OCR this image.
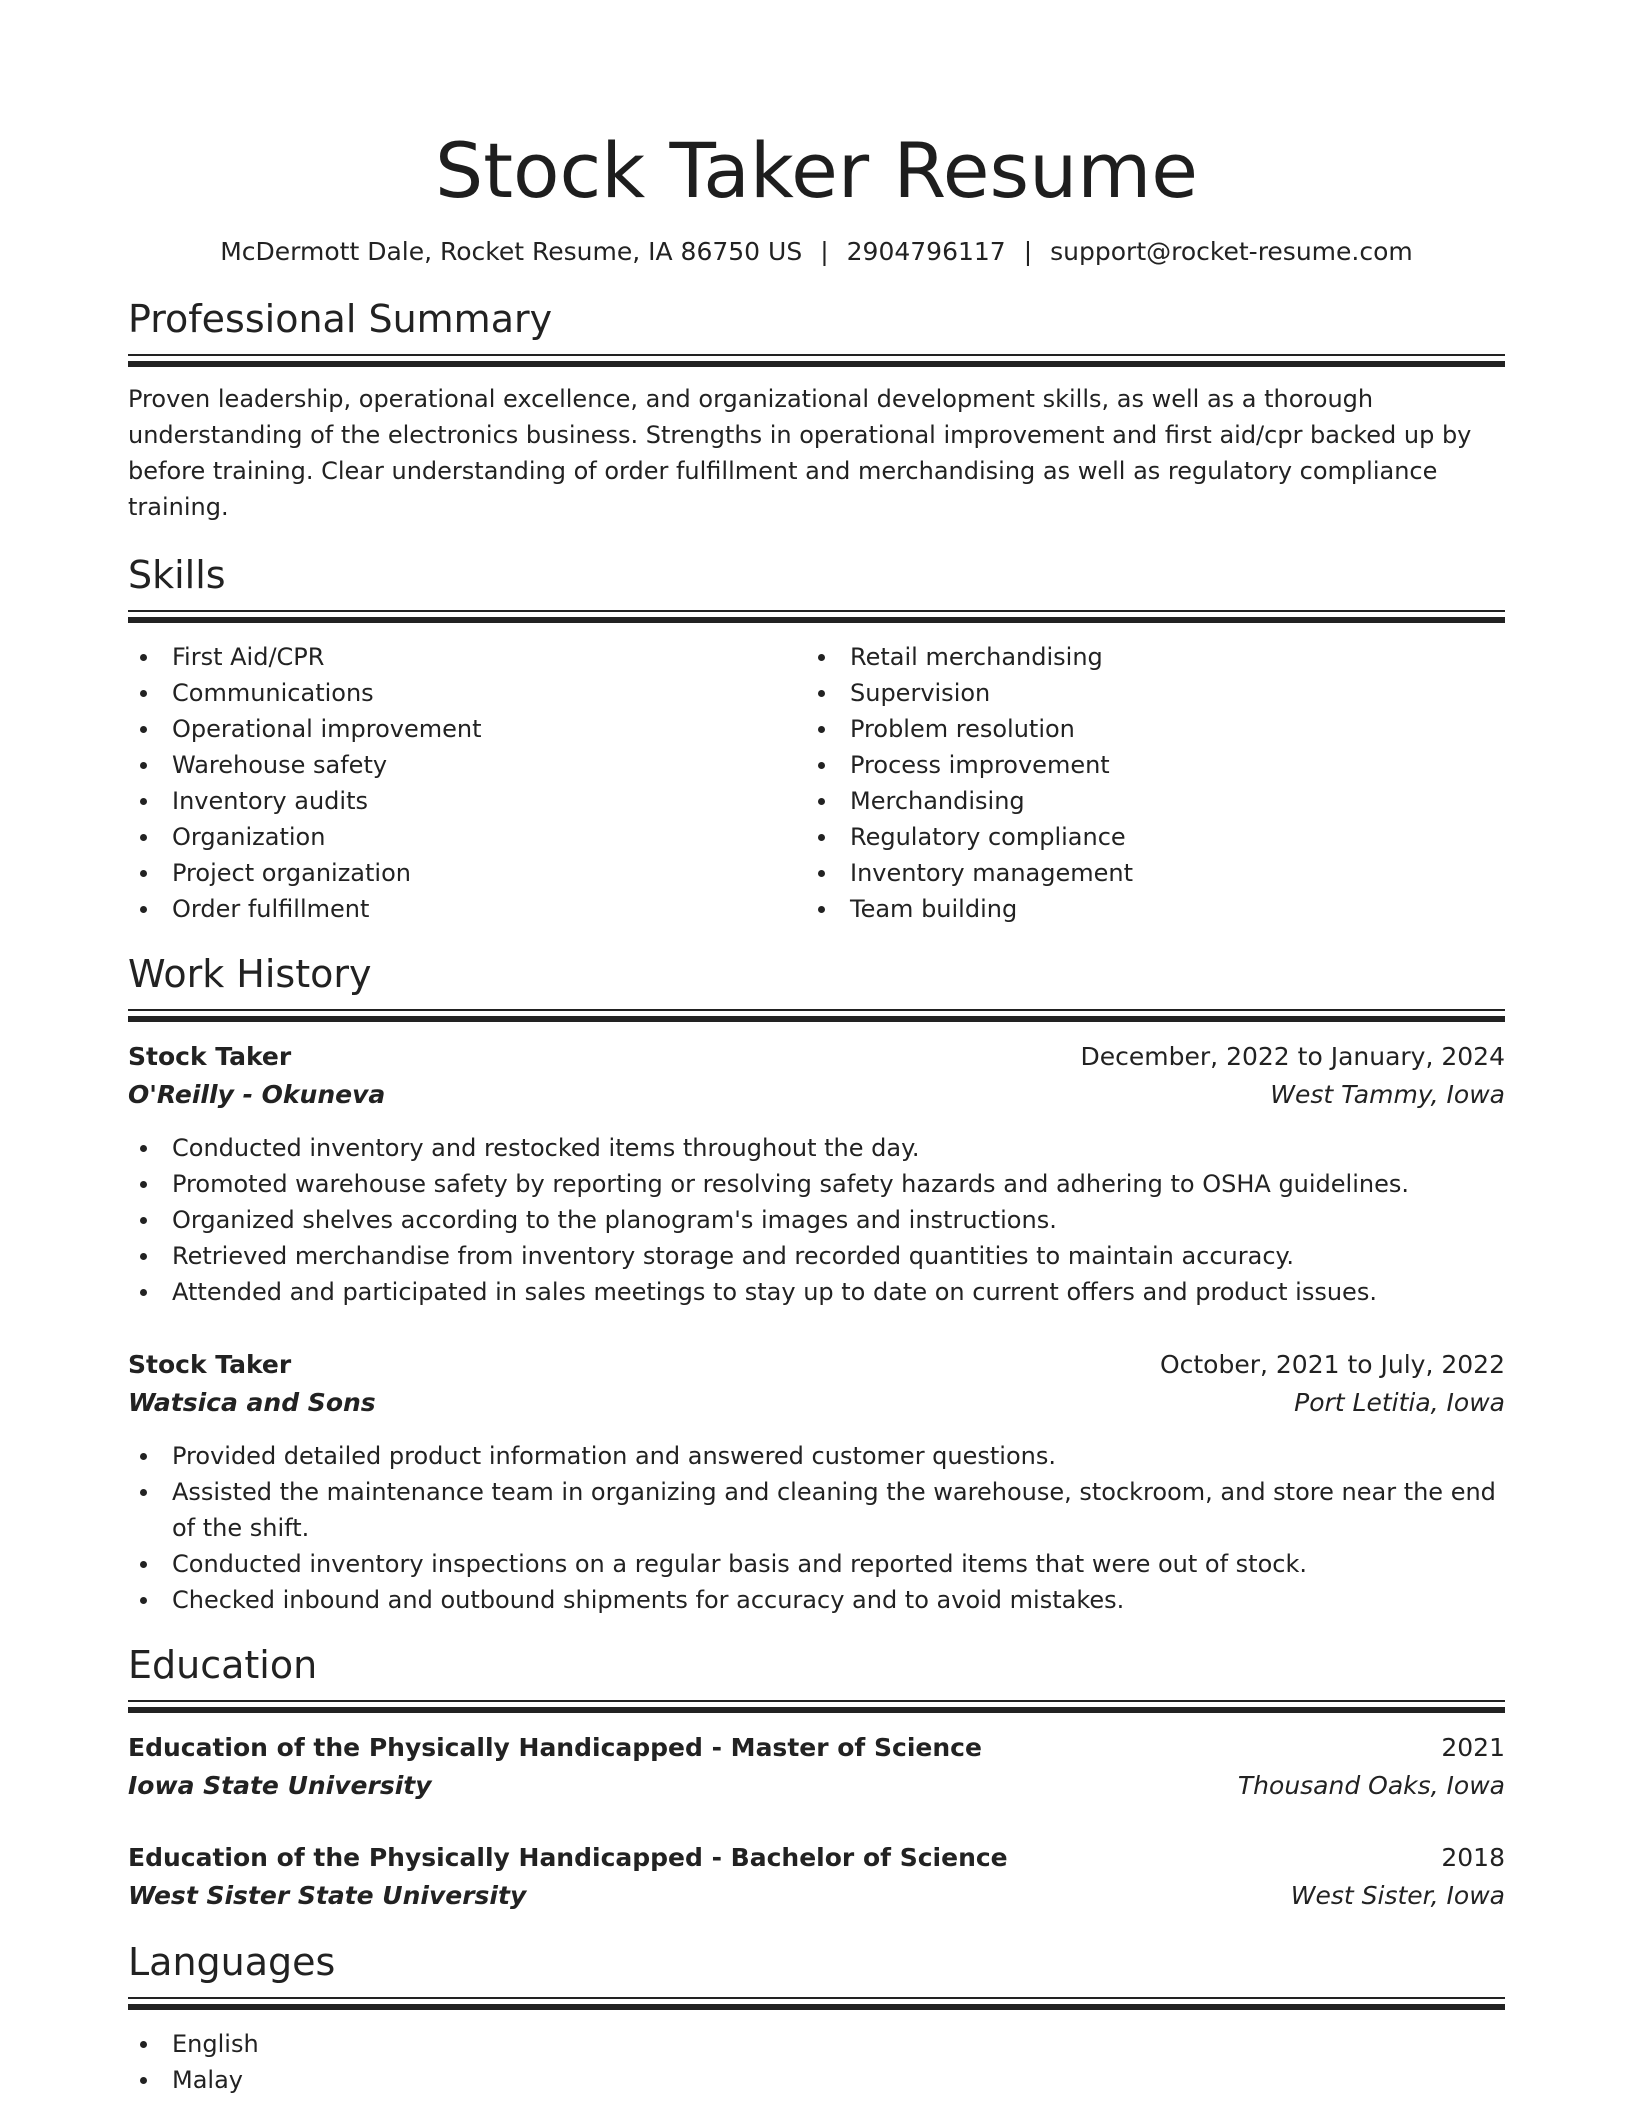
Stock Taker Resume
McDermott Dale, Rocket Resume, IA 86750 US | 2904796117 | support@rocket-resume.com
Professional Summary

Proven leadership, operational excellence, and organizational development skills, as well as a thorough understanding of the electronics business. Strengths in operational improvement and first aid/cpr backed up by before training. Clear understanding of order fulfillment and merchandising as well as regulatory compliance training.

Skills
First Aid/CPR
Communications
Operational improvement
Warehouse safety
Inventory audits
Organization
Project organization
Order fulfillment
Retail merchandising
Supervision
Problem resolution
Process improvement
Merchandising
Regulatory compliance
Inventory management
Team building
Work History
Stock Taker	December, 2022 to January, 2024
O'Reilly - Okuneva	West Tammy, Iowa
Conducted inventory and restocked items throughout the day.
Promoted warehouse safety by reporting or resolving safety hazards and adhering to OSHA guidelines.
Organized shelves according to the planogram's images and instructions.
Retrieved merchandise from inventory storage and recorded quantities to maintain accuracy.
Attended and participated in sales meetings to stay up to date on current offers and product issues.
Stock Taker	October, 2021 to July, 2022
Watsica and Sons	Port Letitia, Iowa
Provided detailed product information and answered customer questions.
Assisted the maintenance team in organizing and cleaning the warehouse, stockroom, and store near the end of the shift.
Conducted inventory inspections on a regular basis and reported items that were out of stock.
Checked inbound and outbound shipments for accuracy and to avoid mistakes.
Education
Education of the Physically Handicapped - Master of Science	2021
Iowa State University	Thousand Oaks, Iowa
Education of the Physically Handicapped - Bachelor of Science	2018
West Sister State University	West Sister, Iowa
Languages
English
Malay
